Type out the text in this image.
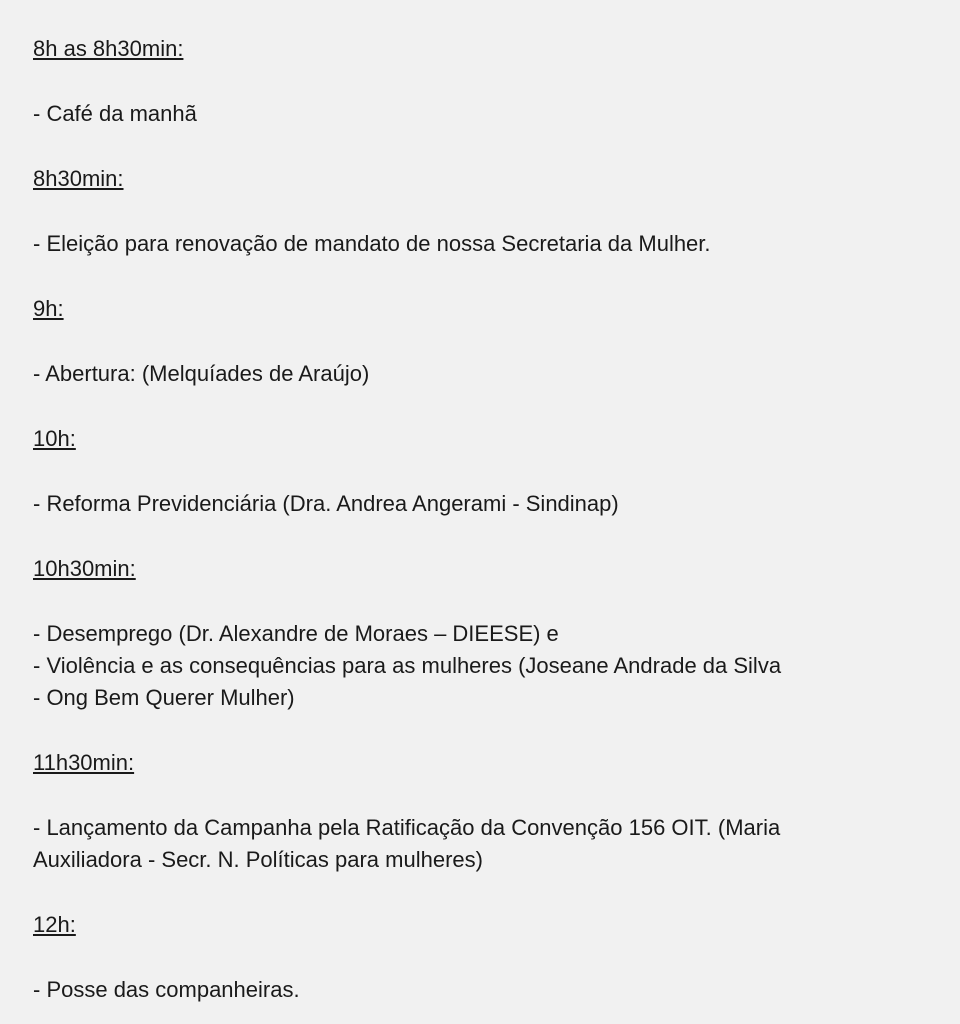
8h as 8h30min:
- Café da manhã
8h30min:
- Eleição para renovação de mandato de nossa Secretaria da Mulher.
9h:
- Abertura: (Melquíades de Araújo)
10h:
- Reforma Previdenciária (Dra. Andrea Angerami - Sindinap)
10h30min:
- Desemprego (Dr. Alexandre de Moraes – DIEESE) e
- Violência e as consequências para as mulheres (Joseane Andrade da Silva
- Ong Bem Querer Mulher)
11h30min:
- Lançamento da Campanha pela Ratificação da Convenção 156 OIT. (Maria
Auxiliadora - Secr. N. Políticas para mulheres)
12h:
- Posse das companheiras.
